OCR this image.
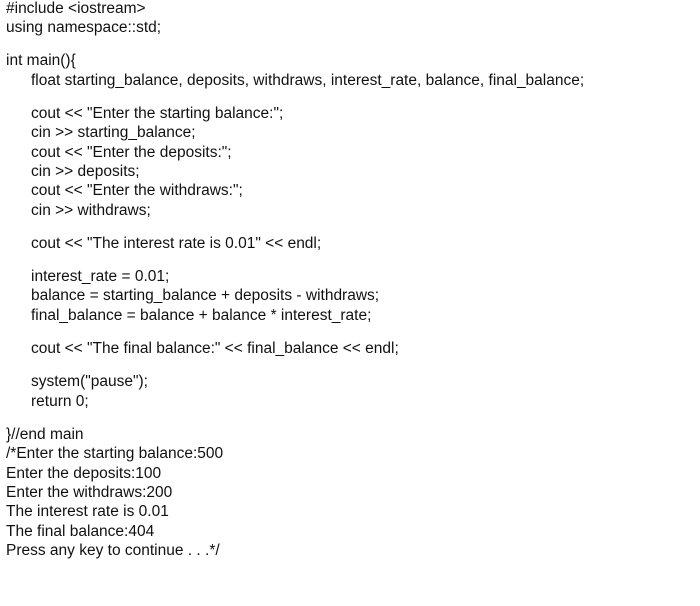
#include <iostream>
using namespace::std;
int main(){
float starting_balance, deposits, withdraws, interest_rate, balance, final_balance;
cout << "Enter the starting balance:";
cin >> starting_balance;
cout << "Enter the deposits:";
cin >> deposits;
cout << "Enter the withdraws:";
cin >> withdraws;
cout << "The interest rate is 0.01" << endl;
interest_rate = 0.01;
balance = starting_balance + deposits - withdraws;
final_balance = balance + balance * interest_rate;
cout << "The final balance:" << final_balance << endl;
system("pause");
return 0;
}//end main
/*Enter the starting balance:500
Enter the deposits:100
Enter the withdraws:200
The interest rate is 0.01
The final balance:404
Press any key to continue . . .*/
